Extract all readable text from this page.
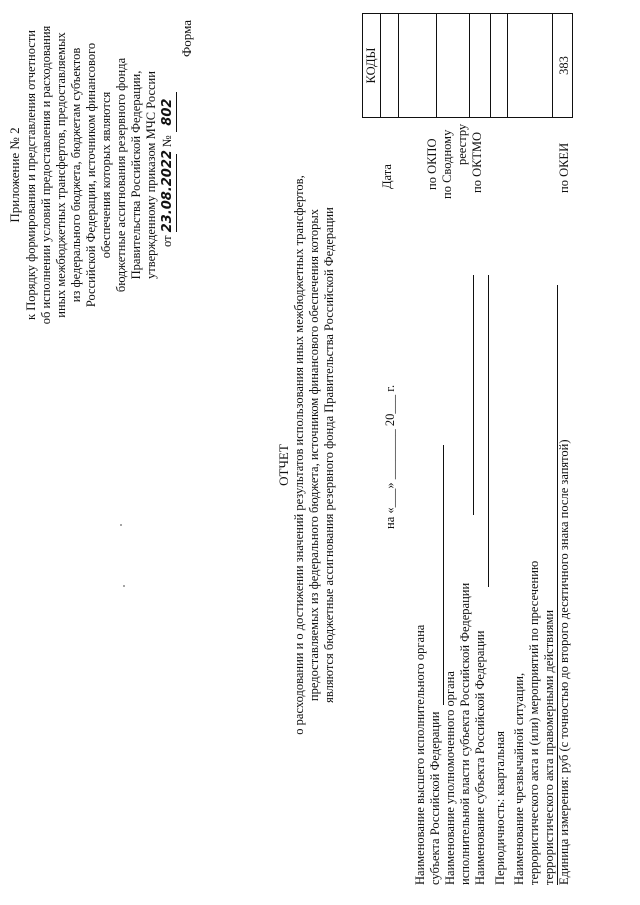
Приложение № 2 к Порядку формирования и представления отчетности об исполнении условий предоставления и расходования иных межбюджетных трансфертов, предоставляемых из федерального бюджета, бюджетам субъектов Российской Федерации, источником финансового обеспечения которых являются бюджетные ассигнования резервного фонда Правительства Российской Федерации, утвержденному приказом МЧС России от 23.08.2022 № 802
Форма
ОТЧЕТ о расходовании и о достижении значений результатов использования иных межбюджетных трансфертов, предоставляемых из федерального бюджета, источником финансового обеспечения которых являются бюджетные ассигнования резервного фонда Правительства Российской Федерации	на «___» ________ 20___ г.
Дата
Наименование высшего исполнительного органа субъекта Российской Федерации
по ОКПО
Наименование уполномоченного органа исполнительной власти субъекта Российской Федерации
по Сводному реестру
Наименование субъекта Российской Федерации
по ОКТМО
Периодичность: квартальная Наименование чрезвычайной ситуации, террористического акта и (или) мероприятий по пресечению террористического акта правомерными действиями Единица измерения: руб (с точностью до второго десятичного знака после запятой)
по ОКЕИ
КОДЫ	383
